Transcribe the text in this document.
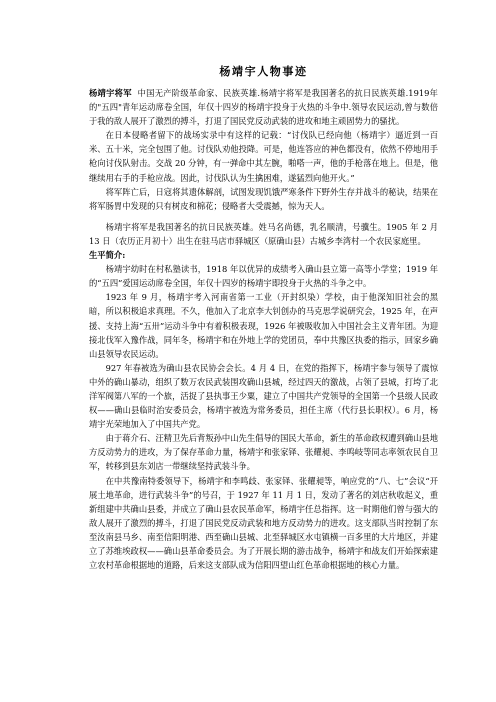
杨靖宇人物事迹

杨靖宇将军 中国无产阶级革命家、民族英雄.杨靖宇将军是我国著名的抗日民族英雄.1919年的"五四"青年运动席卷全国，年仅十四岁的杨靖宇投身于火热的斗争中.领导农民运动,曾与数倍于我的敌人展开了激烈的搏斗，打退了国民党反动武装的进攻和地主顽固势力的骚扰。

在日本侵略者留下的战场实录中有这样的记载：“讨伐队已经向他（杨靖宇）逼近到一百米、五十米，完全包围了他。讨伐队劝他投降。可是，他连答应的神色都没有，依然不停地用手枪向讨伐队射击。交战 20 分钟，有一弹命中其左腕，啪嗒一声，他的手枪落在地上。但是，他继续用右手的手枪应战。因此，讨伐队认为生擒困难，遂猛烈向他开火。”

将军阵亡后，日寇将其遗体解剖，试图发现饥饿严寒条件下野外生存并战斗的秘诀，结果在将军肠胃中发现的只有树皮和棉花；侵略者大受震撼，惊为天人。

杨靖宇将军是我国著名的抗日民族英雄。姓马名尚德，乳名顺清，号骥生。1905 年 2 月 13 日（农历正月初十）出生在驻马店市驿城区（原确山县）古城乡李湾村一个农民家庭里。

生平简介:

杨靖宇幼时在村私塾读书，1918 年以优异的成绩考入确山县立第一高等小学堂；1919 年的“五四”爱国运动席卷全国，年仅十四岁的杨靖宇即投身于火热的斗争之中。

1923 年 9 月，杨靖宇考入河南省第一工业（开封织染）学校，由于他深知旧社会的黑暗，所以积极追求真理。不久，他加入了北京李大钊创办的马克思学说研究会，1925 年，在声援、支持上海“五卅”运动斗争中有着积极表现，1926 年被吸收加入中国社会主义青年团。为迎接北伐军入豫作战，同年冬，杨靖宇和在外地上学的党团员，奉中共豫区执委的指示，回家乡确山县领导农民运动。

927 年春被选为确山县农民协会会长。4 月 4 日，在党的指挥下，杨靖宇参与领导了震惊中外的确山暴动，组织了数万农民武装围攻确山县城，经过四天的激战，占领了县城，打垮了北洋军阀第八军的一个旅，活捉了县执事王少粟，建立了中国共产党领导的全国第一个县级人民政权——确山县临时治安委员会，杨靖宇被选为常务委员，担任主席（代行县长职权）。6 月，杨靖宇光荣地加入了中国共产党。

由于蒋介石、汪精卫先后背叛孙中山先生倡导的国民大革命，新生的革命政权遭到确山县地方反动势力的进攻，为了保存革命力量，杨靖宇和张家铎、张耀昶、李鸣岐等同志率领农民自卫军，转移到县东刘店一带继续坚持武装斗争。

在中共豫南特委领导下，杨靖宇和李鸣歧、张家铎、张耀昶等，响应党的“八、七”会议“开展土地革命，进行武装斗争”的号召，于 1927 年 11 月 1 日，发动了著名的刘店秋收起义，重新组建中共确山县委，并成立了确山县农民革命军，杨靖宇任总指挥。这一时期他们曾与强大的敌人展开了激烈的搏斗，打退了国民党反动武装和地方反动势力的进攻。这支部队当时控制了东至汝南县马乡、南至信阳明港、西至确山县城、北至驿城区水屯镇横一百多里的大片地区，并建立了苏维埃政权——确山县革命委员会。为了开展长期的游击战争，杨靖宇和战友们开始探索建立农村革命根据地的道路，后来这支部队成为信阳四望山红色革命根据地的核心力量。
